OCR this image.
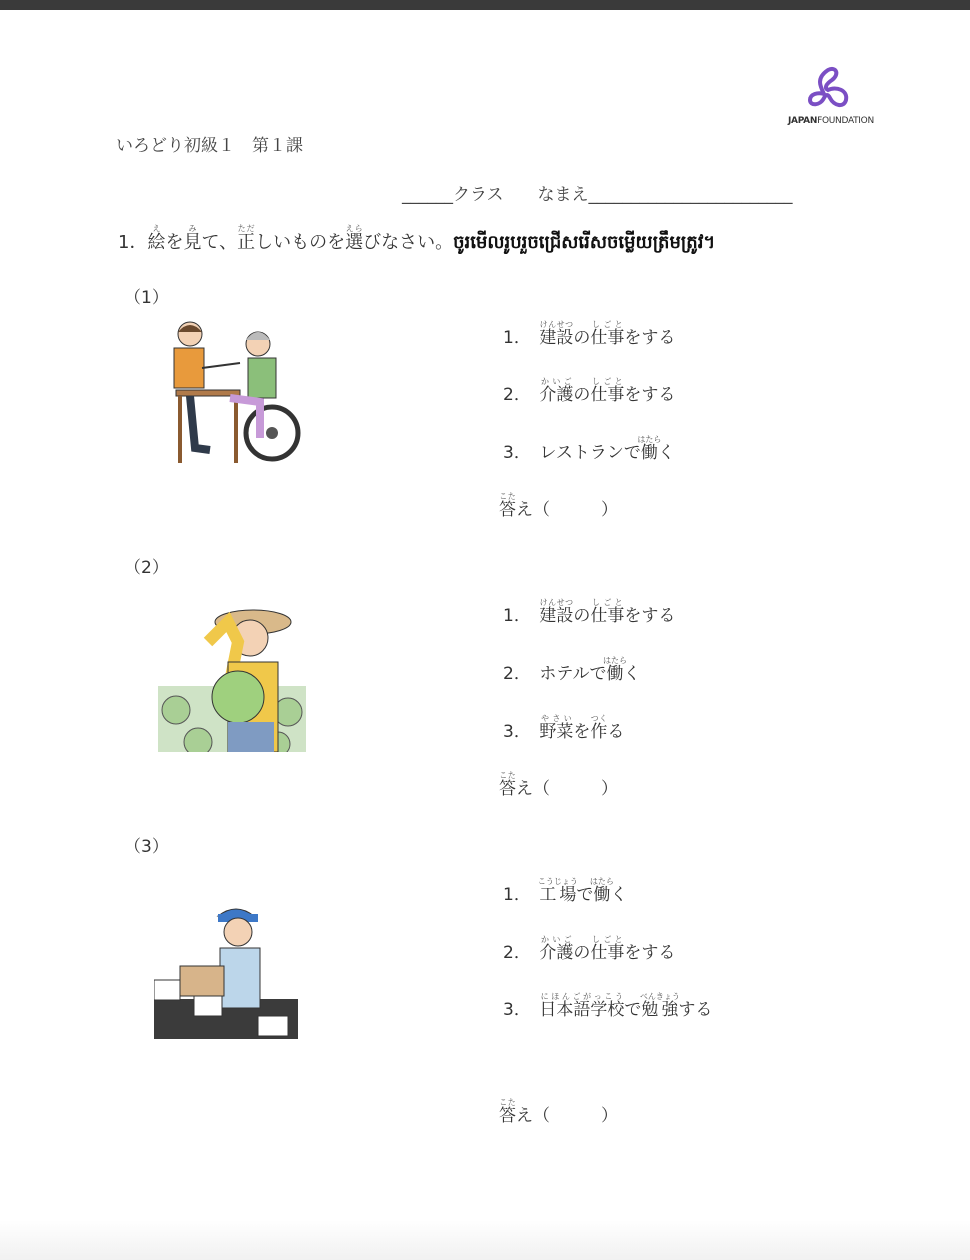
JAPANFOUNDATION
いろどり初級１　第１課
______クラス　　なまえ________________________
1．絵えを見みて、正ただしいものを選えらびなさい。ចូរមើលរូបរួចជ្រើសរើសចម្លើយត្រឹមត្រូវ។
（1）
1．　建設けんせつの仕事しごとをする
2．　介護かいごの仕事しごとをする
3．　レストランで働はたらく
答こたえ（　　　）
（2）
1．　建設けんせつの仕事しごとをする
2．　ホテルで働はたらく
3．　野菜やさいを作つくる
答こたえ（　　　）
（3）
1．　工場こうじょうで働はたらく
2．　介護かいごの仕事しごとをする
3．　日本語学校にほんごがっこうで勉強べんきょうする
答こたえ（　　　）
